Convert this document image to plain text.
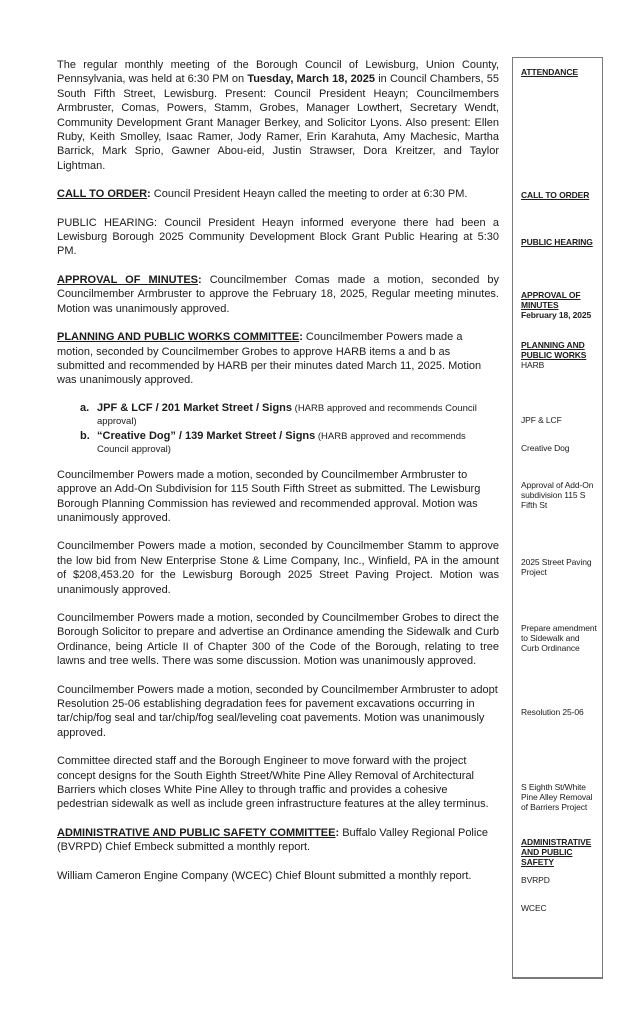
The regular monthly meeting of the Borough Council of Lewisburg, Union County, Pennsylvania, was held at 6:30 PM on Tuesday, March 18, 2025 in Council Chambers, 55 South Fifth Street, Lewisburg. Present: Council President Heayn; Councilmembers Armbruster, Comas, Powers, Stamm, Grobes, Manager Lowthert, Secretary Wendt, Community Development Grant Manager Berkey, and Solicitor Lyons. Also present: Ellen Ruby, Keith Smolley, Isaac Ramer, Jody Ramer, Erin Karahuta, Amy Machesic, Martha Barrick, Mark Sprio, Gawner Abou-eid, Justin Strawser, Dora Kreitzer, and Taylor Lightman.

CALL TO ORDER: Council President Heayn called the meeting to order at 6:30 PM.

PUBLIC HEARING: Council President Heayn informed everyone there had been a Lewisburg Borough 2025 Community Development Block Grant Public Hearing at 5:30 PM.

APPROVAL OF MINUTES: Councilmember Comas made a motion, seconded by Councilmember Armbruster to approve the February 18, 2025, Regular meeting minutes. Motion was unanimously approved.

PLANNING AND PUBLIC WORKS COMMITTEE: Councilmember Powers made a motion, seconded by Councilmember Grobes to approve HARB items a and b as submitted and recommended by HARB per their minutes dated March 11, 2025. Motion was unanimously approved.

a. JPF & LCF / 201 Market Street / Signs (HARB approved and recommends Council approval)
b. “Creative Dog” / 139 Market Street / Signs (HARB approved and recommends Council approval)

Councilmember Powers made a motion, seconded by Councilmember Armbruster to approve an Add-On Subdivision for 115 South Fifth Street as submitted. The Lewisburg Borough Planning Commission has reviewed and recommended approval. Motion was unanimously approved.

Councilmember Powers made a motion, seconded by Councilmember Stamm to approve the low bid from New Enterprise Stone & Lime Company, Inc., Winfield, PA in the amount of $208,453.20 for the Lewisburg Borough 2025 Street Paving Project. Motion was unanimously approved.

Councilmember Powers made a motion, seconded by Councilmember Grobes to direct the Borough Solicitor to prepare and advertise an Ordinance amending the Sidewalk and Curb Ordinance, being Article II of Chapter 300 of the Code of the Borough, relating to tree lawns and tree wells. There was some discussion. Motion was unanimously approved.

Councilmember Powers made a motion, seconded by Councilmember Armbruster to adopt Resolution 25-06 establishing degradation fees for pavement excavations occurring in tar/chip/fog seal and tar/chip/fog seal/leveling coat pavements. Motion was unanimously approved.

Committee directed staff and the Borough Engineer to move forward with the project concept designs for the South Eighth Street/White Pine Alley Removal of Architectural Barriers which closes White Pine Alley to through traffic and provides a cohesive pedestrian sidewalk as well as include green infrastructure features at the alley terminus.

ADMINISTRATIVE AND PUBLIC SAFETY COMMITTEE: Buffalo Valley Regional Police (BVRPD) Chief Embeck submitted a monthly report.

William Cameron Engine Company (WCEC) Chief Blount submitted a monthly report.

ATTENDANCE
CALL TO ORDER
PUBLIC HEARING
APPROVAL OF MINUTES
February 18, 2025
PLANNING AND PUBLIC WORKS
HARB
JPF & LCF
Creative Dog
Approval of Add-On subdivision 115 S Fifth St
2025 Street Paving Project
Prepare amendment to Sidewalk and Curb Ordinance
Resolution 25-06
S Eighth St/White Pine Alley Removal of Barriers Project
ADMINISTRATIVE AND PUBLIC SAFETY
BVRPD
WCEC
